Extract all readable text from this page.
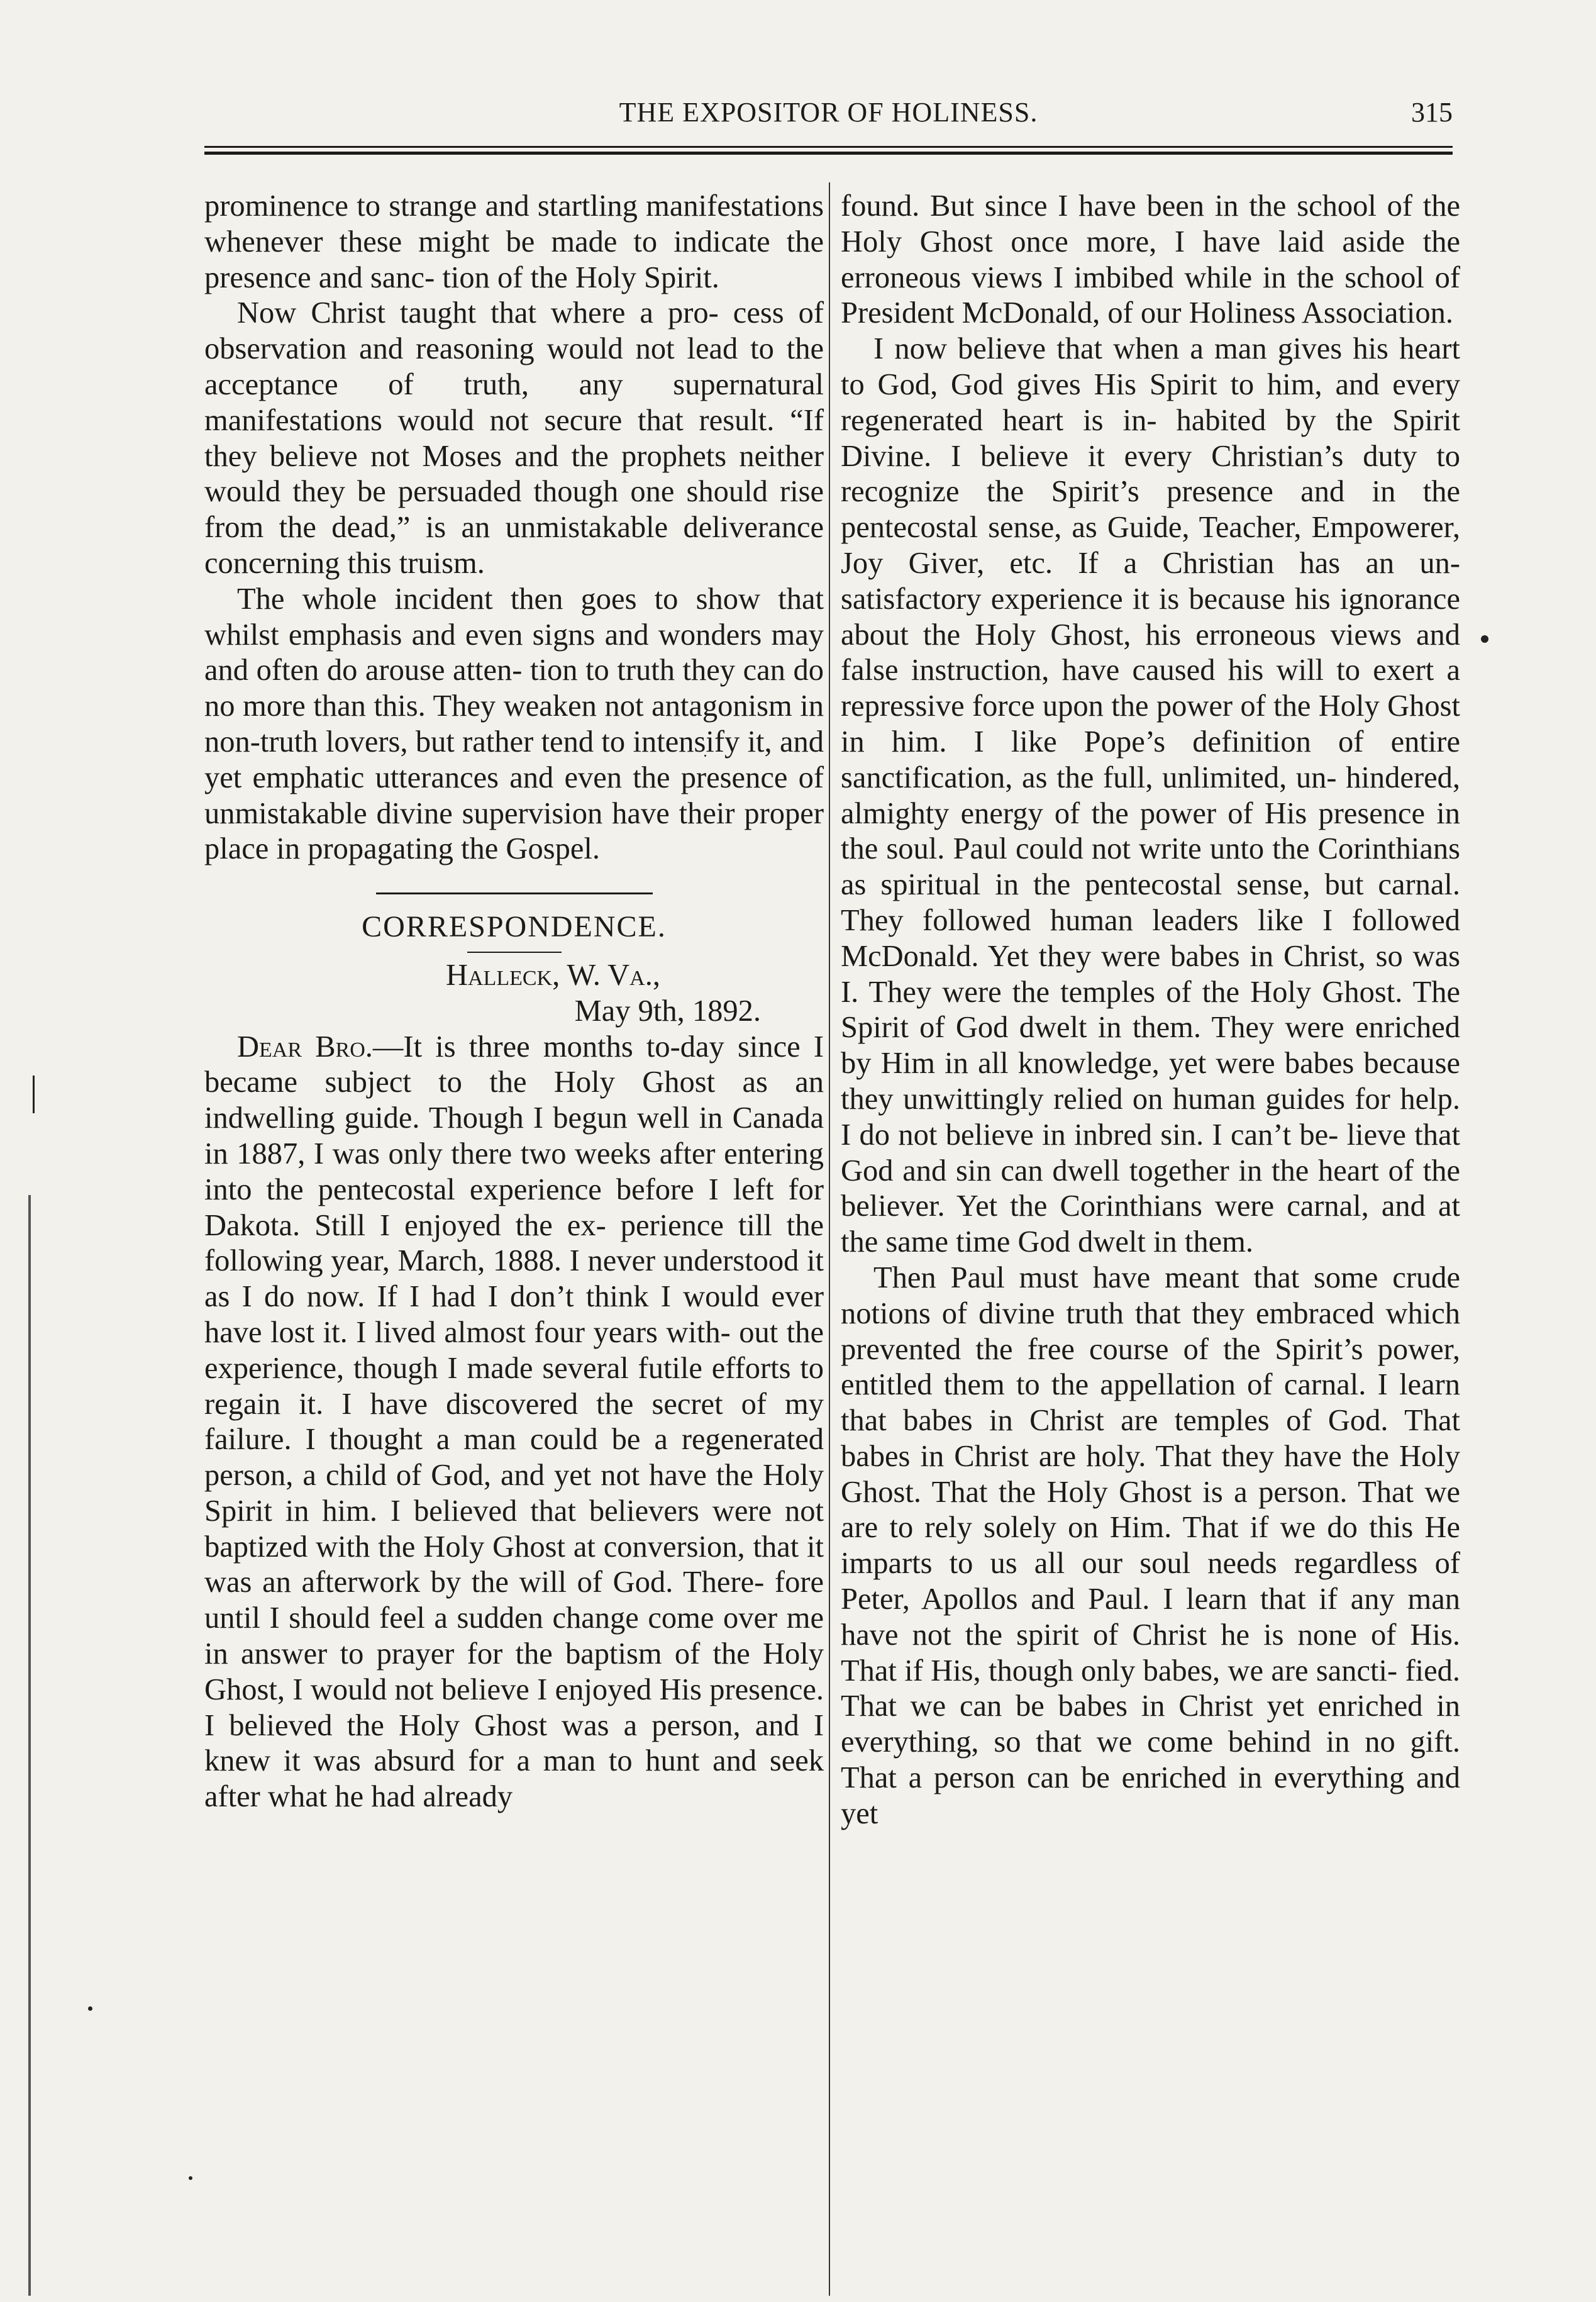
THE EXPOSITOR OF HOLINESS.	315

prominence to strange and startling manifestations whenever these might be made to indicate the presence and sanc- tion of the Holy Spirit.

Now Christ taught that where a pro- cess of observation and reasoning would not lead to the acceptance of truth, any supernatural manifestations would not secure that result. “If they believe not Moses and the prophets neither would they be persuaded though one should rise from the dead,” is an unmistakable deliverance concerning this truism.

The whole incident then goes to show that whilst emphasis and even signs and wonders may and often do arouse atten- tion to truth they can do no more than this. They weaken not antagonism in non-truth lovers, but rather tend to intensify it, and yet emphatic utterances and even the presence of unmistakable divine supervision have their proper place in propagating the Gospel.

CORRESPONDENCE.
Halleck, W. Va.,
May 9th, 1892.

Dear Bro.—It is three months to-day since I became subject to the Holy Ghost as an indwelling guide. Though I begun well in Canada in 1887, I was only there two weeks after entering into the pentecostal experience before I left for Dakota. Still I enjoyed the ex- perience till the following year, March, 1888. I never understood it as I do now. If I had I don’t think I would ever have lost it. I lived almost four years with- out the experience, though I made several futile efforts to regain it. I have discovered the secret of my failure. I thought a man could be a regenerated person, a child of God, and yet not have the Holy Spirit in him. I believed that believers were not baptized with the Holy Ghost at conversion, that it was an afterwork by the will of God. There- fore until I should feel a sudden change come over me in answer to prayer for the baptism of the Holy Ghost, I would not believe I enjoyed His presence. I believed the Holy Ghost was a person, and I knew it was absurd for a man to hunt and seek after what he had already

found. But since I have been in the school of the Holy Ghost once more, I have laid aside the erroneous views I imbibed while in the school of President McDonald, of our Holiness Association.

I now believe that when a man gives his heart to God, God gives His Spirit to him, and every regenerated heart is in- habited by the Spirit Divine. I believe it every Christian’s duty to recognize the Spirit’s presence and in the pentecostal sense, as Guide, Teacher, Empowerer, Joy Giver, etc. If a Christian has an un- satisfactory experience it is because his ignorance about the Holy Ghost, his erroneous views and false instruction, have caused his will to exert a repressive force upon the power of the Holy Ghost in him. I like Pope’s definition of entire sanctification, as the full, unlimited, un- hindered, almighty energy of the power of His presence in the soul. Paul could not write unto the Corinthians as spiritual in the pentecostal sense, but carnal. They followed human leaders like I followed McDonald. Yet they were babes in Christ, so was I. They were the temples of the Holy Ghost. The Spirit of God dwelt in them. They were enriched by Him in all knowledge, yet were babes because they unwittingly relied on human guides for help. I do not believe in inbred sin. I can’t be- lieve that God and sin can dwell together in the heart of the believer. Yet the Corinthians were carnal, and at the same time God dwelt in them.

Then Paul must have meant that some crude notions of divine truth that they embraced which prevented the free course of the Spirit’s power, entitled them to the appellation of carnal. I learn that babes in Christ are temples of God. That babes in Christ are holy. That they have the Holy Ghost. That the Holy Ghost is a person. That we are to rely solely on Him. That if we do this He imparts to us all our soul needs regardless of Peter, Apollos and Paul. I learn that if any man have not the spirit of Christ he is none of His. That if His, though only babes, we are sancti- fied. That we can be babes in Christ yet enriched in everything, so that we come behind in no gift. That a person can be enriched in everything and yet
